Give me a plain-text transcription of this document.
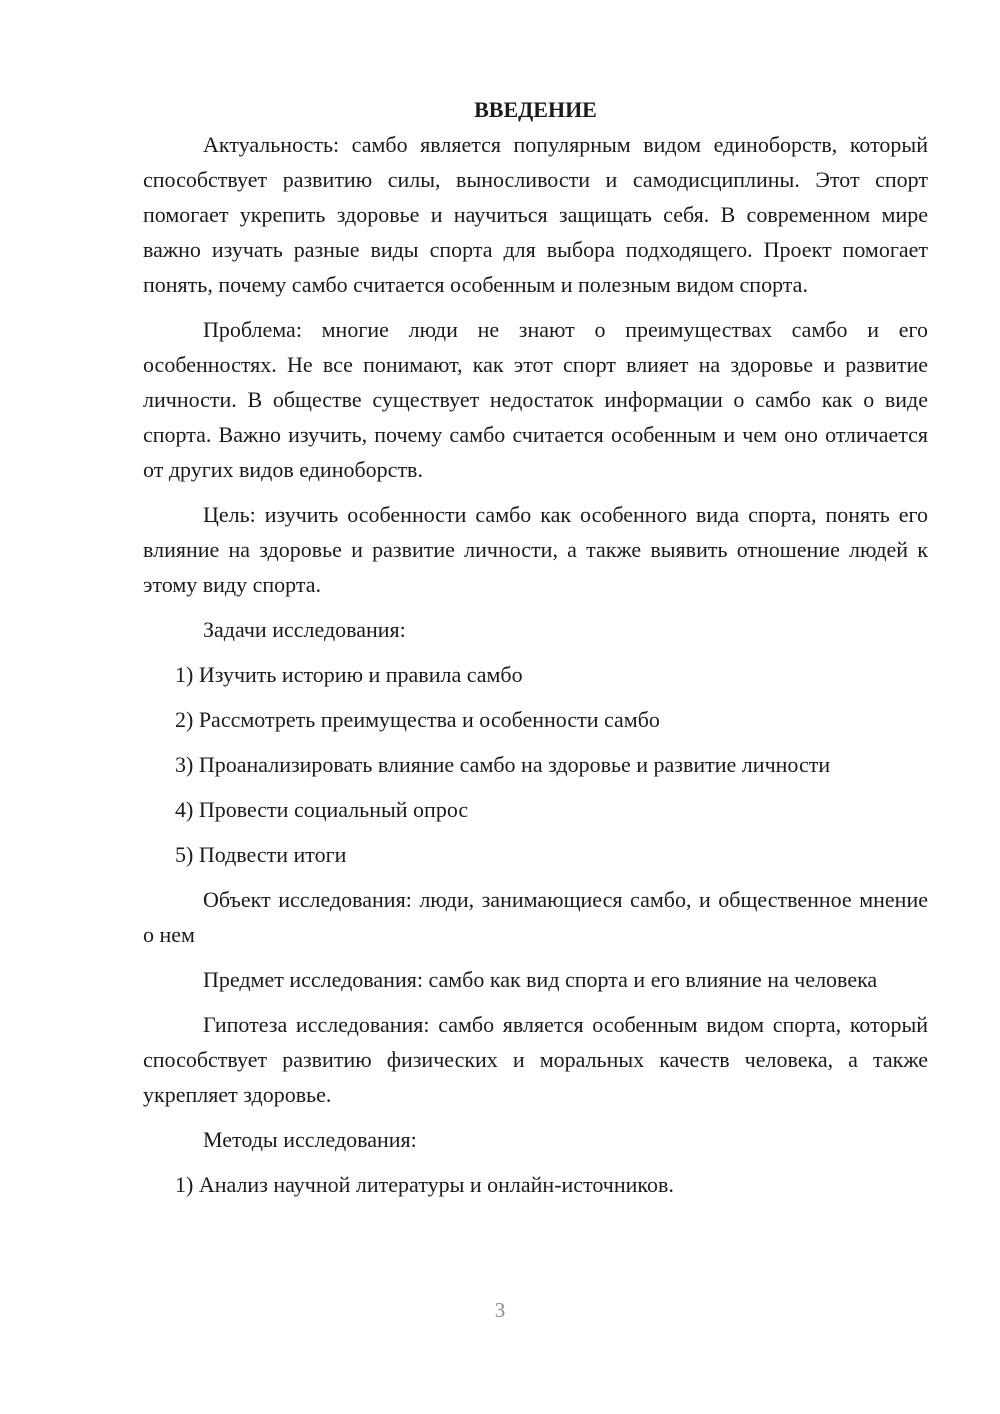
ВВЕДЕНИЕ

Актуальность: самбо является популярным видом единоборств, который способствует развитию силы, выносливости и самодисциплины. Этот спорт помогает укрепить здоровье и научиться защищать себя. В современном мире важно изучать разные виды спорта для выбора подходящего. Проект помогает понять, почему самбо считается особенным и полезным видом спорта.

Проблема: многие люди не знают о преимуществах самбо и его особенностях. Не все понимают, как этот спорт влияет на здоровье и развитие личности. В обществе существует недостаток информации о самбо как о виде спорта. Важно изучить, почему самбо считается особенным и чем оно отличается от других видов единоборств.

Цель: изучить особенности самбо как особенного вида спорта, понять его влияние на здоровье и развитие личности, а также выявить отношение людей к этому виду спорта.

Задачи исследования:

1) Изучить историю и правила самбо

2) Рассмотреть преимущества и особенности самбо

3) Проанализировать влияние самбо на здоровье и развитие личности

4) Провести социальный опрос

5) Подвести итоги

Объект исследования: люди, занимающиеся самбо, и общественное мнение о нем

Предмет исследования: самбо как вид спорта и его влияние на человека

Гипотеза исследования: самбо является особенным видом спорта, который способствует развитию физических и моральных качеств человека, а также укрепляет здоровье.

Методы исследования:

1) Анализ научной литературы и онлайн-источников.

3
